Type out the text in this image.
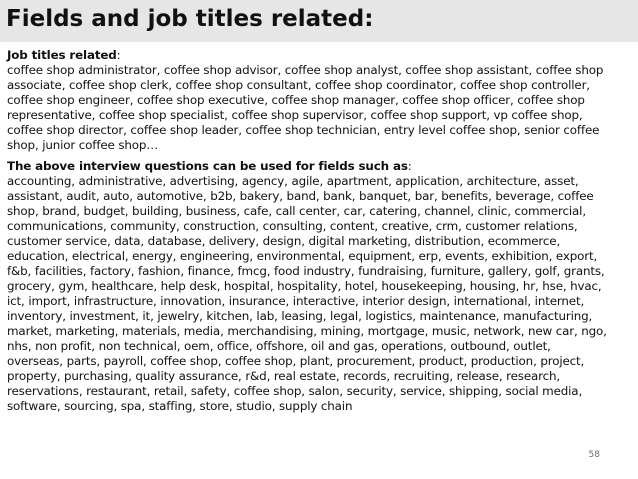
Fields and job titles related:

Job titles related:

coffee shop administrator, coffee shop advisor, coffee shop analyst, coffee shop assistant, coffee shop

associate, coffee shop clerk, coffee shop consultant, coffee shop coordinator, coffee shop controller,

coffee shop engineer, coffee shop executive, coffee shop manager, coffee shop officer, coffee shop

representative, coffee shop specialist, coffee shop supervisor, coffee shop support, vp coffee shop,

coffee shop director, coffee shop leader, coffee shop technician, entry level coffee shop, senior coffee

shop, junior coffee shop…

The above interview questions can be used for fields such as:

accounting, administrative, advertising, agency, agile, apartment, application, architecture, asset,

assistant, audit, auto, automotive, b2b, bakery, band, bank, banquet, bar, benefits, beverage, coffee

shop, brand, budget, building, business, cafe, call center, car, catering, channel, clinic, commercial,

communications, community, construction, consulting, content, creative, crm, customer relations,

customer service, data, database, delivery, design, digital marketing, distribution, ecommerce,

education, electrical, energy, engineering, environmental, equipment, erp, events, exhibition, export,

f&b, facilities, factory, fashion, finance, fmcg, food industry, fundraising, furniture, gallery, golf, grants,

grocery, gym, healthcare, help desk, hospital, hospitality, hotel, housekeeping, housing, hr, hse, hvac,

ict, import, infrastructure, innovation, insurance, interactive, interior design, international, internet,

inventory, investment, it, jewelry, kitchen, lab, leasing, legal, logistics, maintenance, manufacturing,

market, marketing, materials, media, merchandising, mining, mortgage, music, network, new car, ngo,

nhs, non profit, non technical, oem, office, offshore, oil and gas, operations, outbound, outlet,

overseas, parts, payroll, coffee shop, coffee shop, plant, procurement, product, production, project,

property, purchasing, quality assurance, r&d, real estate, records, recruiting, release, research,

reservations, restaurant, retail, safety, coffee shop, salon, security, service, shipping, social media,

software, sourcing, spa, staffing, store, studio, supply chain

58
